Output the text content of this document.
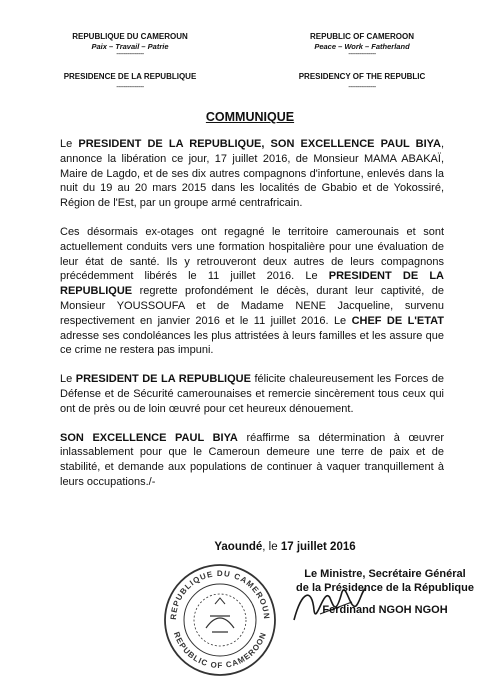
REPUBLIQUE DU CAMEROUN
Paix – Travail – Patrie
---------------
PRESIDENCE DE LA REPUBLIQUE
---------------
REPUBLIC OF CAMEROON
Peace – Work – Fatherland
---------------
PRESIDENCY OF THE REPUBLIC
---------------
COMMUNIQUE

Le PRESIDENT DE LA REPUBLIQUE, SON EXCELLENCE PAUL BIYA, annonce la libération ce jour, 17 juillet 2016, de Monsieur MAMA ABAKAÏ, Maire de Lagdo, et de ses dix autres compagnons d'infortune, enlevés dans la nuit du 19 au 20 mars 2015 dans les localités de Gbabio et de Yokossiré, Région de l'Est, par un groupe armé centrafricain.

Ces désormais ex-otages ont regagné le territoire camerounais et sont actuellement conduits vers une formation hospitalière pour une évaluation de leur état de santé. Ils y retrouveront deux autres de leurs compagnons précédemment libérés le 11 juillet 2016. Le PRESIDENT DE LA REPUBLIQUE regrette profondément le décès, durant leur captivité, de Monsieur YOUSSOUFA et de Madame NENE Jacqueline, survenu respectivement en janvier 2016 et le 11 juillet 2016. Le CHEF DE L'ETAT adresse ses condoléances les plus attristées à leurs familles et les assure que ce crime ne restera pas impuni.

Le PRESIDENT DE LA REPUBLIQUE félicite chaleureusement les Forces de Défense et de Sécurité camerounaises et remercie sincèrement tous ceux qui ont de près ou de loin œuvré pour cet heureux dénouement.

SON EXCELLENCE PAUL BIYA réaffirme sa détermination à œuvrer inlassablement pour que le Cameroun demeure une terre de paix et de stabilité, et demande aux populations de continuer à vaquer tranquillement à leurs occupations./-

Yaoundé, le 17 juillet 2016
REPUBLIQUE DU CAMEROUN
REPUBLIC OF CAMEROON
Le Ministre, Secrétaire Général
de la Présidence de la République
Ferdinand NGOH NGOH
